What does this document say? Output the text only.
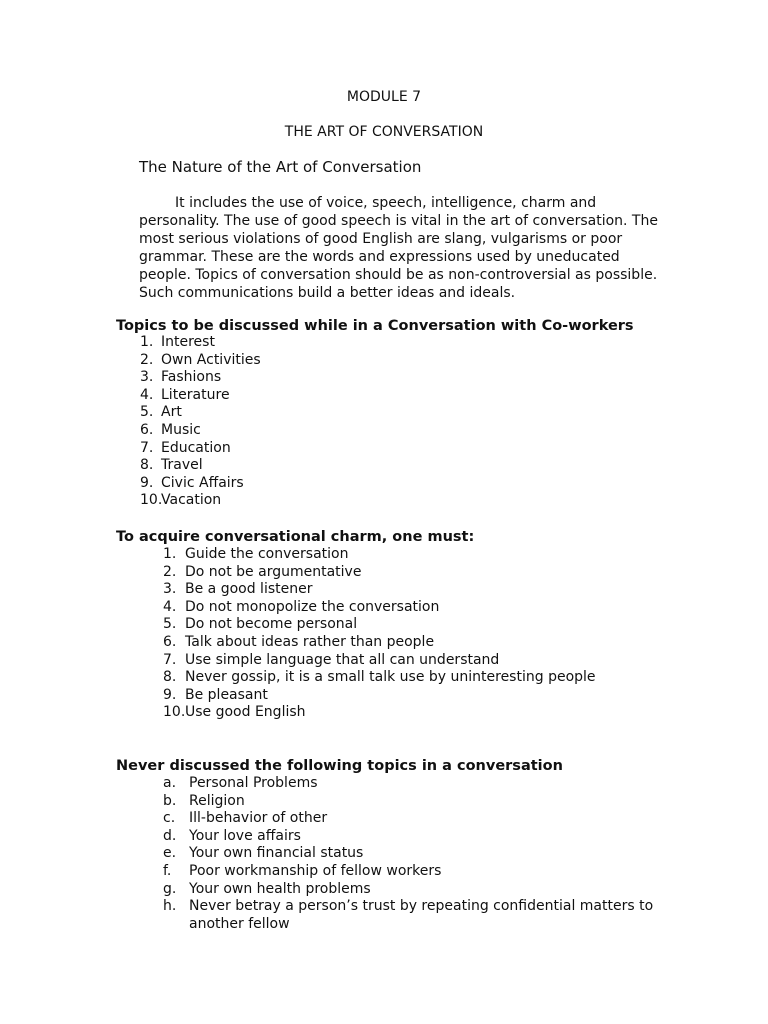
MODULE 7
THE ART OF CONVERSATION
The Nature of the Art of Conversation
It includes the use of voice, speech, intelligence, charm and
personality. The use of good speech is vital in the art of conversation. The
most serious violations of good English are slang, vulgarisms or poor
grammar. These are the words and expressions used by uneducated
people. Topics of conversation should be as non-controversial as possible.
Such communications build a better ideas and ideals.
Topics to be discussed while in a Conversation with Co-workers
1. Interest
2. Own Activities
3. Fashions
4. Literature
5. Art
6. Music
7. Education
8. Travel
9. Civic Affairs
10.Vacation
To acquire conversational charm, one must:
1. Guide the conversation
2. Do not be argumentative
3. Be a good listener
4. Do not monopolize the conversation
5. Do not become personal
6. Talk about ideas rather than people
7. Use simple language that all can understand
8. Never gossip, it is a small talk use by uninteresting people
9. Be pleasant
10.Use good English
Never discussed the following topics in a conversation
a. Personal Problems
b. Religion
c. Ill-behavior of other
d. Your love affairs
e. Your own financial status
f. Poor workmanship of fellow workers
g. Your own health problems
h. Never betray a person’s trust by repeating confidential matters to
another fellow
